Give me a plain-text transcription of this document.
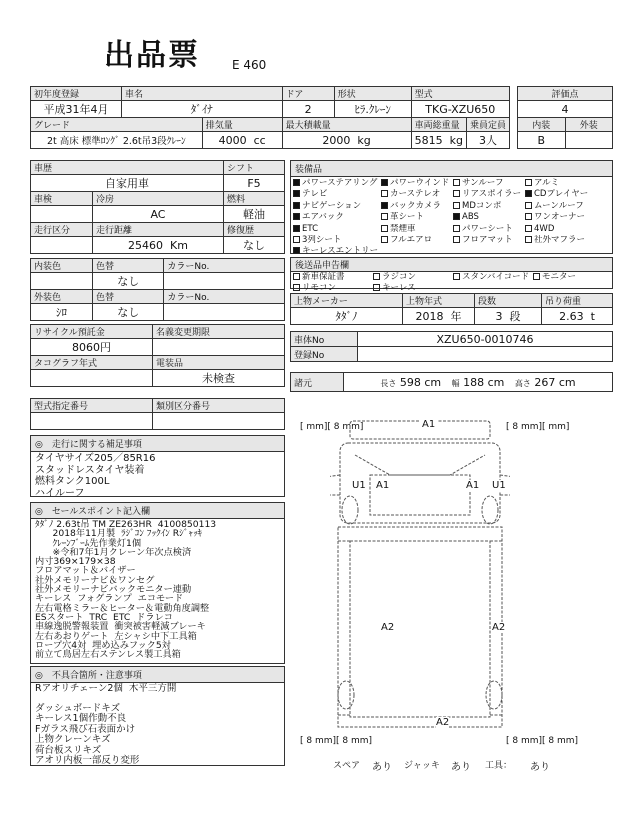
出品票	E 460
初年度登録	車名		ドア	形状	型式	
平成31年4月	ﾀﾞｲﾅ		2	ﾋﾗ.ｸﾚｰﾝ	TKG-XZU650	
グレード		排気量	最大積載量		車両総重量	乗員定員
2t 高床 標準ﾛﾝｸﾞ 2.6t吊3段ｸﾚｰﾝ		4000 cc	2000 kg		5815 kg	3人
評価点	
4	
内装	外装
B	
車歴		シフト
自家用車		F5
車検	冷房	燃料
	AC	軽油
走行区分	走行距離	修復歴
	25460 Km	なし
内装色	色替	カラーNo.
	なし	
外装色	色替	カラーNo.
ｼﾛ	なし	
リサイクル預託金	名義変更期限
8060円	
タコグラフ年式	電装品
	未検查
型式指定番号	類別区分番号

装備品
パワーステアリング	パワーウインド	サンルーフ	アルミ
テレビ	カーステレオ	リアスポイラー	CDプレイヤー
ナビゲーション	バックカメラ	MDコンポ	ムーンルーフ
エアバック	革シート	ABS	ワンオーナー
ETC	禁煙車	パワーシート	4WD
3列シート	フルエアロ	フロアマット	社外マフラー
キーレスエントリー
後送品申告欄
新車保証書	ラジコン	スタンバイコード	モニター
リモコン	キーレス
上物メーカー	上物年式	段数	吊り荷重
ﾀﾀﾞﾉ	2018 年	3 段	2.63 t
車体No	XZU650-0010746
登録No	
諸元	長さ 598 cm 幅 188 cm 高さ 267 cm
◎　走行に関する補足事項
タイヤサイズ205／85R16
スタッドレスタイヤ装着
燃料タンク100L
ハイルーフ
◎　セールスポイント記入欄
ﾀﾀﾞﾉ 2.63t吊 TM ZE263HR  4100850113
2018年11月製  ﾗｼﾞｺﾝ ﾌｯｸｲﾝ Rｼﾞｬｯｷ
ｸﾚｰﾝﾌﾞｰﾑ先作業灯1個
※令和7年1月クレーン年次点検済
内寸369×179×38
フロアマット＆バイザー
社外メモリーナビ＆ワンセグ
社外メモリーナビバックモニター連動
キーレス  フォグランプ  エコモード
左右電格ミラー＆ヒーター＆電動角度調整
ESスタート  TRC  ETC  ドラレコ
車線逸脱警報装置  衝突被害軽減ブレーキ
左右あおりゲート  左シャシ中下工具箱
ロープ穴4対  埋め込みフック5対
前立て鳥居左右ステンレス製工具箱
◎　不具合箇所・注意事項
Rアオリチェーン2個  木平三方開
ダッシュボードキズ
キーレス1個作動不良
Fガラス飛び石表面かけ
上物クレーンキズ
荷台板スリキズ
アオリ内板一部反り変形
[ mm][ 8 mm]	[ 8 mm][ mm]
[ 8 mm][ 8 mm]	[ 8 mm][ 8 mm]
A1
U1 A1	A1 U1
A2	A2
A2
スペア あり ジャッキ あり 工具： あり
